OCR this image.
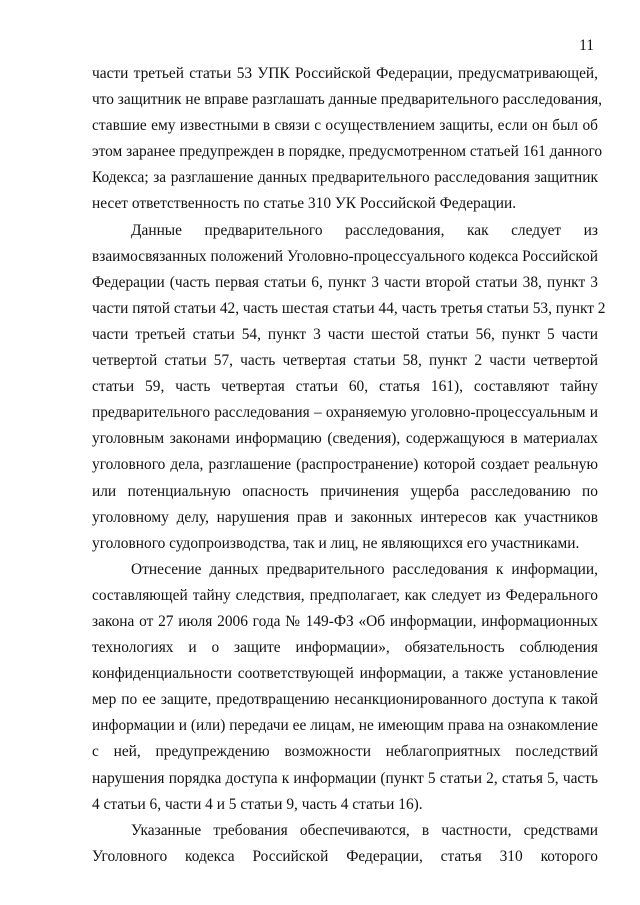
11
части третьей статьи 53 УПК Российской Федерации, предусматривающей,
что защитник не вправе разглашать данные предварительного расследования,
ставшие ему известными в связи с осуществлением защиты, если он был об
этом заранее предупрежден в порядке, предусмотренном статьей 161 данного
Кодекса; за разглашение данных предварительного расследования защитник
несет ответственность по статье 310 УК Российской Федерации.
Данные предварительного расследования, как следует из
взаимосвязанных положений Уголовно-процессуального кодекса Российской
Федерации (часть первая статьи 6, пункт 3 части второй статьи 38, пункт 3
части пятой статьи 42, часть шестая статьи 44, часть третья статьи 53, пункт 2
части третьей статьи 54, пункт 3 части шестой статьи 56, пункт 5 части
четвертой статьи 57, часть четвертая статьи 58, пункт 2 части четвертой
статьи 59, часть четвертая статьи 60, статья 161), составляют тайну
предварительного расследования – охраняемую уголовно-процессуальным и
уголовным законами информацию (сведения), содержащуюся в материалах
уголовного дела, разглашение (распространение) которой создает реальную
или потенциальную опасность причинения ущерба расследованию по
уголовному делу, нарушения прав и законных интересов как участников
уголовного судопроизводства, так и лиц, не являющихся его участниками.
Отнесение данных предварительного расследования к информации,
составляющей тайну следствия, предполагает, как следует из Федерального
закона от 27 июля 2006 года № 149-ФЗ «Об информации, информационных
технологиях и о защите информации», обязательность соблюдения
конфиденциальности соответствующей информации, а также установление
мер по ее защите, предотвращению несанкционированного доступа к такой
информации и (или) передачи ее лицам, не имеющим права на ознакомление
с ней, предупреждению возможности неблагоприятных последствий
нарушения порядка доступа к информации (пункт 5 статьи 2, статья 5, часть
4 статьи 6, части 4 и 5 статьи 9, часть 4 статьи 16).
Указанные требования обеспечиваются, в частности, средствами
Уголовного кодекса Российской Федерации, статья 310 которого
